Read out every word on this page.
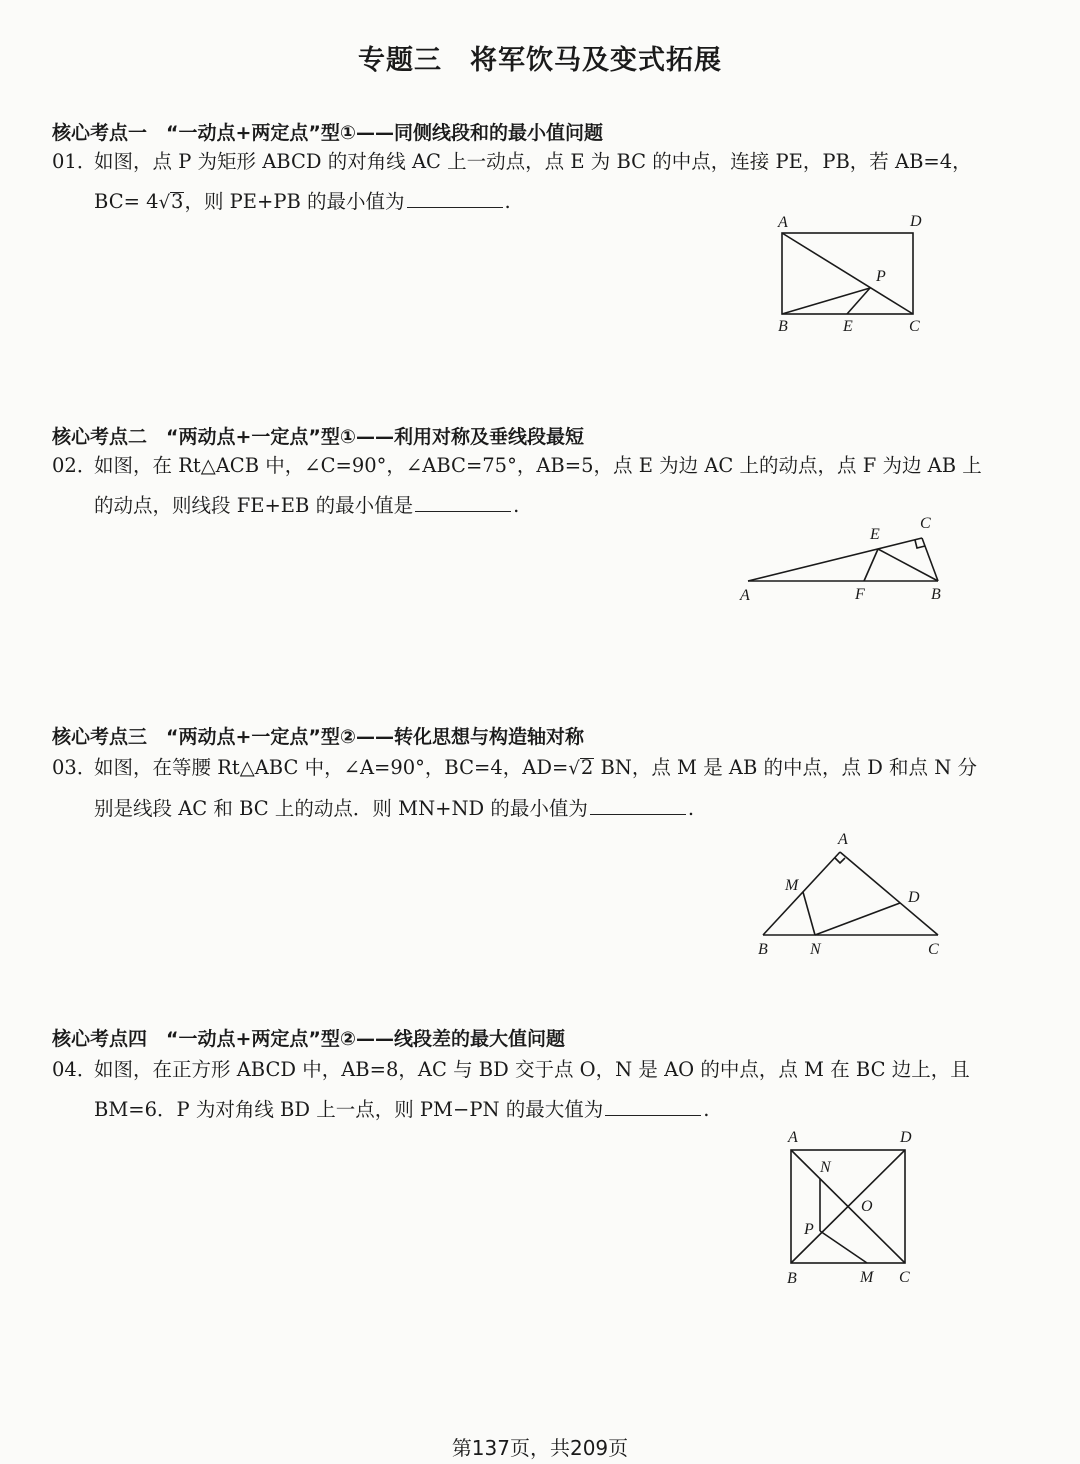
专题三　将军饮马及变式拓展
核心考点一　“一动点+两定点”型①——同侧线段和的最小值问题
01．如图，点 P 为矩形 ABCD 的对角线 AC 上一动点，点 E 为 BC 的中点，连接 PE，PB，若 AB=4，
BC= 4√3，则 PE+PB 的最小值为	.
A	D
P
B	E	C
核心考点二　“两动点+一定点”型①——利用对称及垂线段最短
02．如图，在 Rt△ACB 中，∠C=90°，∠ABC=75°，AB=5，点 E 为边 AC 上的动点，点 F 为边 AB 上
的动点，则线段 FE+EB 的最小值是	.
E
C
A	F	B
核心考点三　“两动点+一定点”型②——转化思想与构造轴对称
03．如图，在等腰 Rt△ABC 中，∠A=90°，BC=4，AD=√2 BN，点 M 是 AB 的中点，点 D 和点 N 分
别是线段 AC 和 BC 上的动点．则 MN+ND 的最小值为	.
A
M
D
B	N	C
核心考点四　“一动点+两定点”型②——线段差的最大值问题
04．如图，在正方形 ABCD 中，AB=8，AC 与 BD 交于点 O，N 是 AO 的中点，点 M 在 BC 边上，且
BM=6．P 为对角线 BD 上一点，则 PM−PN 的最大值为	.
A	D
N
O
P
B	M C
第137页，共209页
